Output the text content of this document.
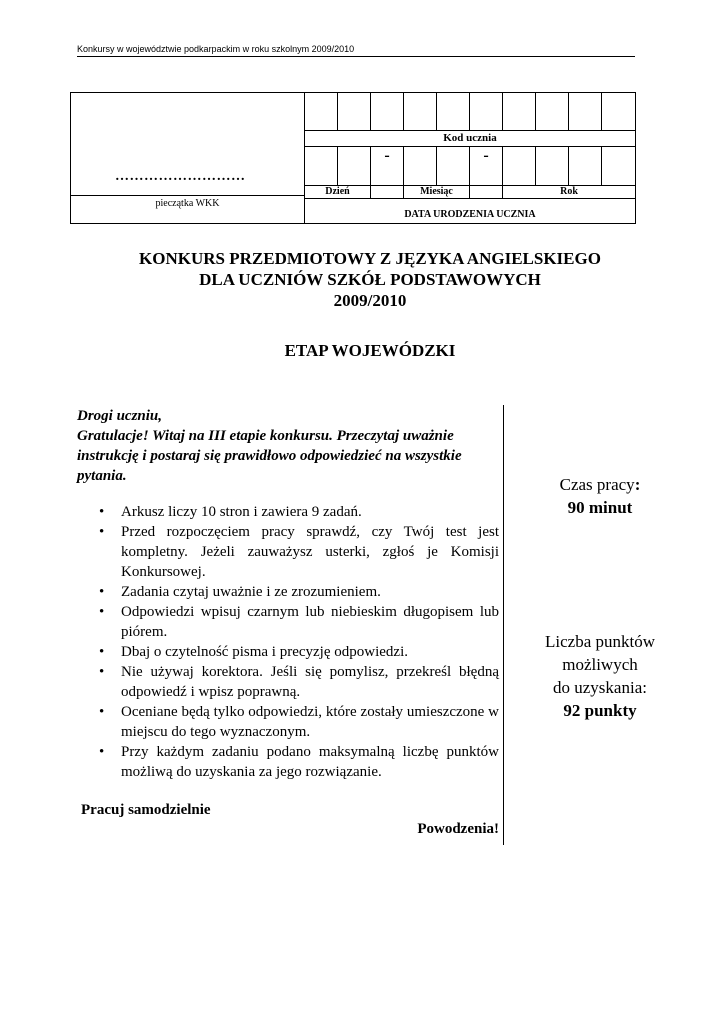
Konkursy w województwie podkarpackim w roku szkolnym 2009/2010
………………………
pieczątka WKK
Kod ucznia
-	-
Dzień	Miesiąc	Rok
DATA URODZENIA UCZNIA
KONKURS PRZEDMIOTOWY Z JĘZYKA ANGIELSKIEGO
DLA UCZNIÓW SZKÓŁ PODSTAWOWYCH
2009/2010
ETAP WOJEWÓDZKI

Drogi uczniu,
Gratulacje! Witaj na III etapie konkursu. Przeczytaj uważnie instrukcję i postaraj się prawidłowo odpowiedzieć na wszystkie pytania.

• Arkusz liczy 10 stron i zawiera 9 zadań.
• Przed rozpoczęciem pracy sprawdź, czy Twój test jest kompletny. Jeżeli zauważysz usterki, zgłoś je Komisji Konkursowej.
• Zadania czytaj uważnie i ze zrozumieniem.
• Odpowiedzi wpisuj czarnym lub niebieskim długopisem lub piórem.
• Dbaj o czytelność pisma i precyzję odpowiedzi.
• Nie używaj korektora. Jeśli się pomylisz, przekreśl błędną odpowiedź i wpisz poprawną.
• Oceniane będą tylko odpowiedzi, które zostały umieszczone w miejscu do tego wyznaczonym.
• Przy każdym zadaniu podano maksymalną liczbę punktów możliwą do uzyskania za jego rozwiązanie.
Pracuj samodzielnie
Powodzenia!
Czas pracy:
90 minut
Liczba punktów
możliwych
do uzyskania:
92 punkty
